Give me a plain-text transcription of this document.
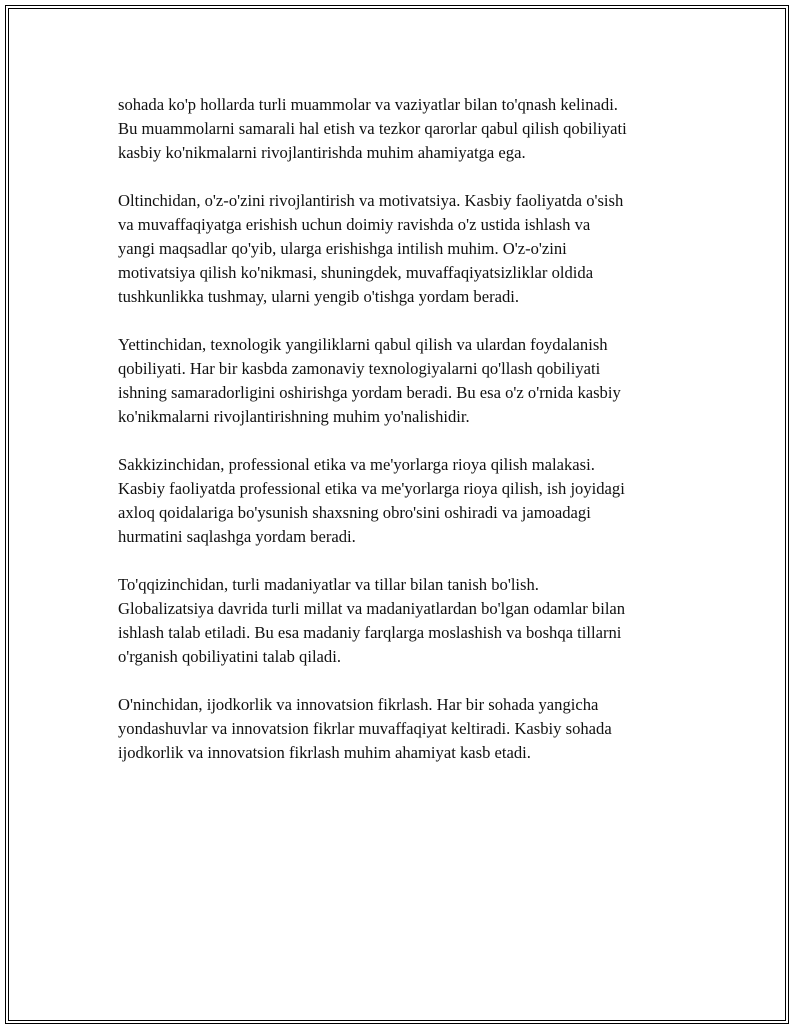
sohada ko'p hollarda turli muammolar va vaziyatlar bilan to'qnash kelinadi.
Bu muammolarni samarali hal etish va tezkor qarorlar qabul qilish qobiliyati
kasbiy ko'nikmalarni rivojlantirishda muhim ahamiyatga ega.

Oltinchidan, o'z-o'zini rivojlantirish va motivatsiya. Kasbiy faoliyatda o'sish
va muvaffaqiyatga erishish uchun doimiy ravishda o'z ustida ishlash va
yangi maqsadlar qo'yib, ularga erishishga intilish muhim. O'z-o'zini
motivatsiya qilish ko'nikmasi, shuningdek, muvaffaqiyatsizliklar oldida
tushkunlikka tushmay, ularni yengib o'tishga yordam beradi.

Yettinchidan, texnologik yangiliklarni qabul qilish va ulardan foydalanish
qobiliyati. Har bir kasbda zamonaviy texnologiyalarni qo'llash qobiliyati
ishning samaradorligini oshirishga yordam beradi. Bu esa o'z o'rnida kasbiy
ko'nikmalarni rivojlantirishning muhim yo'nalishidir.

Sakkizinchidan, professional etika va me'yorlarga rioya qilish malakasi.
Kasbiy faoliyatda professional etika va me'yorlarga rioya qilish, ish joyidagi
axloq qoidalariga bo'ysunish shaxsning obro'sini oshiradi va jamoadagi
hurmatini saqlashga yordam beradi.

To'qqizinchidan, turli madaniyatlar va tillar bilan tanish bo'lish.
Globalizatsiya davrida turli millat va madaniyatlardan bo'lgan odamlar bilan
ishlash talab etiladi. Bu esa madaniy farqlarga moslashish va boshqa tillarni
o'rganish qobiliyatini talab qiladi.

O'ninchidan, ijodkorlik va innovatsion fikrlash. Har bir sohada yangicha
yondashuvlar va innovatsion fikrlar muvaffaqiyat keltiradi. Kasbiy sohada
ijodkorlik va innovatsion fikrlash muhim ahamiyat kasb etadi.
